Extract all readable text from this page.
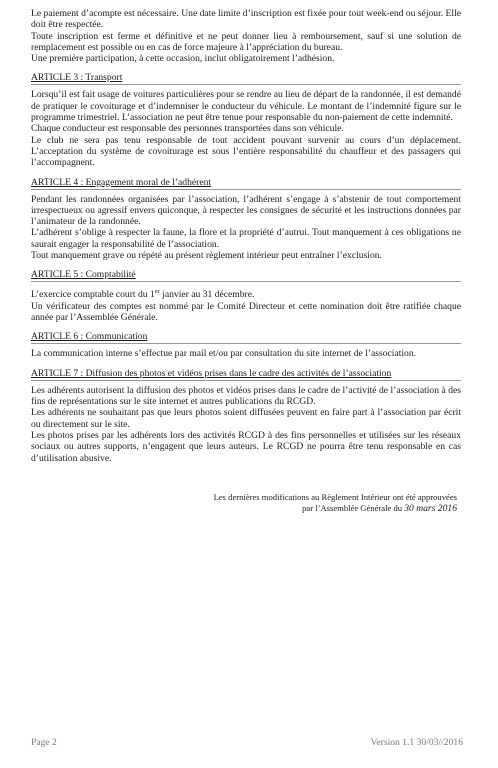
Le paiement d’acompte est nécessaire. Une date limite d’inscription est fixée pour tout week-end ou séjour. Elle doit être respectée.

Toute inscription est ferme et définitive et ne peut donner lieu à remboursement, sauf si une solution de remplacement est possible ou en cas de force majeure à l’appréciation du bureau.

Une première participation, à cette occasion, inclut obligatoirement l’adhésion.

ARTICLE 3 : Transport

Lorsqu’il est fait usage de voitures particulières pour se rendre au lieu de départ de la randonnée, il est demandé de pratiquer le covoiturage et d’indemniser le conducteur du véhicule. Le montant de l’indemnité figure sur le programme trimestriel. L’association ne peut être tenue pour responsable du non-paiement de cette indemnité.

Chaque conducteur est responsable des personnes transportées dans son véhicule.

Le club ne sera pas tenu responsable de tout accident pouvant survenir au cours d’un déplacement. L’acceptation du système de covoiturage est sous l’entière responsabilité du chauffeur et des passagers qui l’accompagnent.

ARTICLE 4 : Engagement moral de l’adhérent

Pendant les randonnées organisées par l’association, l’adhérent s’engage à s’abstenir de tout comportement irrespectueux ou agressif envers quiconque, à respecter les consignes de sécurité et les instructions données par l’animateur de la randonnée.

L’adhérent s’oblige à respecter la faune, la flore et la propriété d’autrui. Tout manquement à ces obligations ne saurait engager la responsabilité de l’association.

Tout manquement grave ou répété au présent règlement intérieur peut entraîner l’exclusion.

ARTICLE 5 : Comptabilité

L’exercice comptable court du 1er janvier au 31 décembre.

Un vérificateur des comptes est nommé par le Comité Directeur et cette nomination doit être ratifiée chaque année par l’Assemblée Générale.

ARTICLE 6 : Communication

La communication interne s’effectue par mail et/ou par consultation du site internet de l’association.

ARTICLE 7 : Diffusion des photos et vidéos prises dans le cadre des activités de l’association

Les adhérents autorisent la diffusion des photos et vidéos prises dans le cadre de l’activité de l’association à des fins de représentations sur le site internet et autres publications du RCGD.

Les adhérents ne souhaitant pas que leurs photos soient diffusées peuvent en faire part à l’association par écrit ou directement sur le site.

Les photos prises par les adhérents lors des activités RCGD à des fins personnelles et utilisées sur les réseaux sociaux ou autres supports, n’engagent que leurs auteurs. Le RCGD ne pourra être tenu responsable en cas d’utilisation abusive.

Les dernières modifications au Règlement Intérieur ont été approuvées
par l’Assemblée Générale du 30 mars 2016
Page 2	Version 1.1 30/03//2016
